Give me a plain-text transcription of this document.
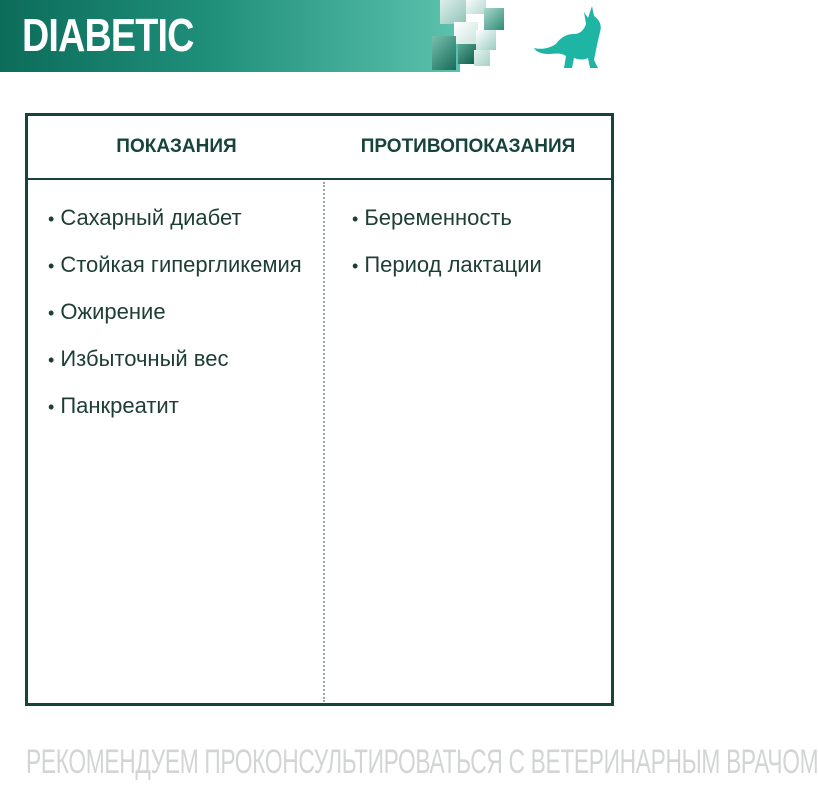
DIABETIC
ПОКАЗАНИЯ	ПРОТИВОПОКАЗАНИЯ
• Сахарный диабет
• Стойкая гипергликемия
• Ожирение
• Избыточный вес
• Панкреатит
• Беременность
• Период лактации
РЕКОМЕНДУЕМ ПРОКОНСУЛЬТИРОВАТЬСЯ С ВЕТЕРИНАРНЫМ ВРАЧОМ
